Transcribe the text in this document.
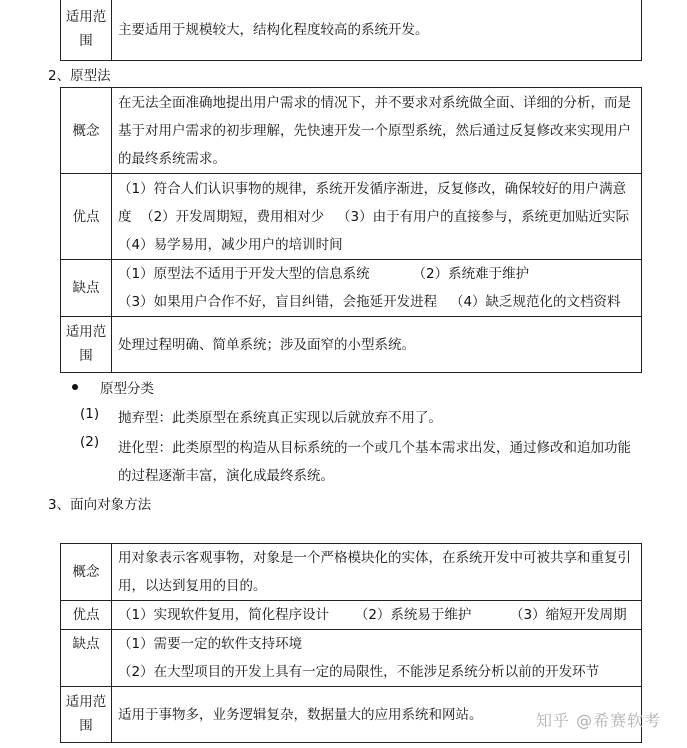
适用范围	主要适用于规模较大，结构化程度较高的系统开发。
2、原型法
概念	在无法全面准确地提出用户需求的情况下，并不要求对系统做全面、详细的分析，而是基于对用户需求的初步理解，先快速开发一个原型系统，然后通过反复修改来实现用户的最终系统需求。
优点	（1）符合人们认识事物的规律，系统开发循序渐进，反复修改，确保较好的用户满意度  （2）开发周期短，费用相对少   （3）由于有用户的直接参与，系统更加贴近实际    （4）易学易用，减少用户的培训时间
缺点	（1）原型法不适用于开发大型的信息系统          （2）系统难于维护
（3）如果用户合作不好，盲目纠错，会拖延开发进程   （4）缺乏规范化的文档资料

适用范围	处理过程明确、简单系统；涉及面窄的小型系统。
原型分类
(1) 抛弃型：此类原型在系统真正实现以后就放弃不用了。
(2) 进化型：此类原型的构造从目标系统的一个或几个基本需求出发，通过修改和追加功能的过程逐渐丰富，演化成最终系统。
3、面向对象方法
概念	用对象表示客观事物，对象是一个严格模块化的实体，在系统开发中可被共享和重复引用，以达到复用的目的。
优点	（1）实现软件复用，简化程序设计      （2）系统易于维护         （3）缩短开发周期
缺点	（1）需要一定的软件支持环境
（2）在大型项目的开发上具有一定的局限性，不能涉足系统分析以前的开发环节

适用范围	适用于事物多，业务逻辑复杂，数据量大的应用系统和网站。	知乎 @希赛软考
